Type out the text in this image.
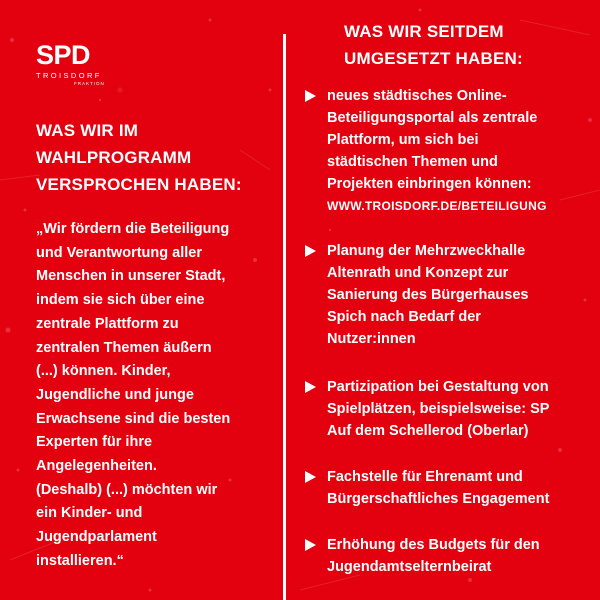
SPD
TROISDORF
FRAKTION
WAS WIR IM
WAHLPROGRAMM
VERSPROCHEN HABEN:
„Wir fördern die Beteiligung
und Verantwortung aller
Menschen in unserer Stadt,
indem sie sich über eine
zentrale Plattform zu
zentralen Themen äußern
(...) können. Kinder,
Jugendliche und junge
Erwachsene sind die besten
Experten für ihre
Angelegenheiten.
(Deshalb) (...) möchten wir
ein Kinder- und
Jugendparlament
installieren.“
WAS WIR SEITDEM
UMGESETZT HABEN:
neues städtisches Online-
Beteiligungsportal als zentrale
Plattform, um sich bei
städtischen Themen und
Projekten einbringen können:
WWW.TROISDORF.DE/BETEILIGUNG
Planung der Mehrzweckhalle
Altenrath und Konzept zur
Sanierung des Bürgerhauses
Spich nach Bedarf der
Nutzer:innen
Partizipation bei Gestaltung von
Spielplätzen, beispielsweise: SP
Auf dem Schellerod (Oberlar)
Fachstelle für Ehrenamt und
Bürgerschaftliches Engagement
Erhöhung des Budgets für den
Jugendamtselternbeirat
